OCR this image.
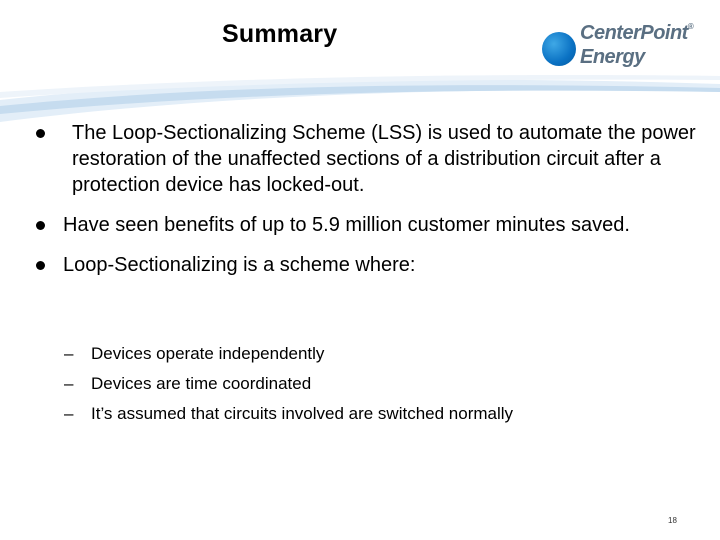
Summary	CenterPoint®
Energy
The Loop-Sectionalizing Scheme (LSS) is used to automate the power restoration of the unaffected sections of a distribution circuit after a protection device has locked-out.
Have seen benefits of up to 5.9 million customer minutes saved.
Loop-Sectionalizing is a scheme where:
–	Devices operate independently
–	Devices are time coordinated
–	It’s assumed that circuits involved are switched normally
18
